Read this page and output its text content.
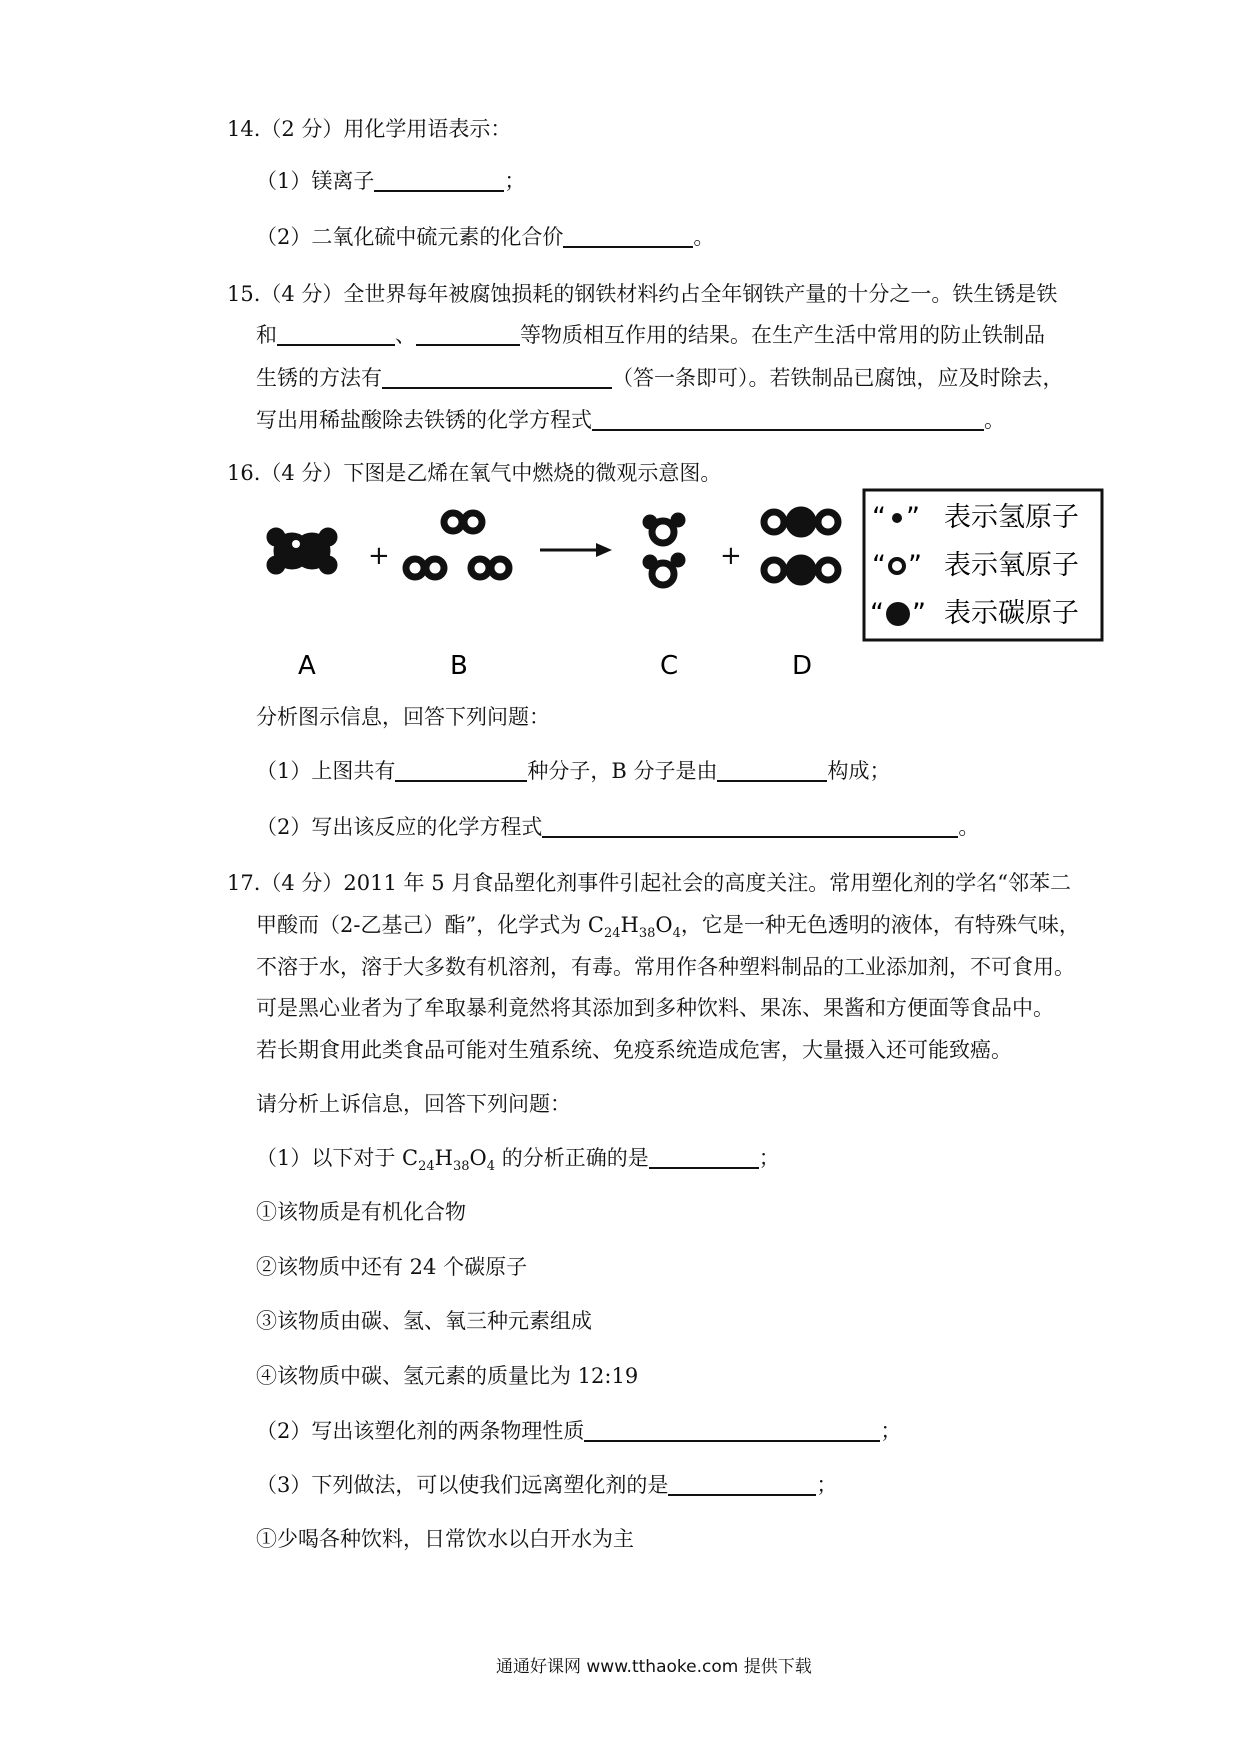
14.（2 分）用化学用语表示：
（1）镁离子	；
（2）二氧化硫中硫元素的化合价	。
15.（4 分）全世界每年被腐蚀损耗的钢铁材料约占全年钢铁产量的十分之一。铁生锈是铁
和	、	等物质相互作用的结果。在生产生活中常用的防止铁制品
生锈的方法有	（答一条即可）。若铁制品已腐蚀，应及时除去，
写出用稀盐酸除去铁锈的化学方程式	。
16.（4 分）下图是乙烯在氧气中燃烧的微观示意图。
+	+
“ ” 表示氢原子
“ ” 表示氧原子
“ ” 表示碳原子
A	B	C	D
分析图示信息，回答下列问题：
（1）上图共有	种分子，B 分子是由	构成；
（2）写出该反应的化学方程式	。
17.（4 分）2011 年 5 月食品塑化剂事件引起社会的高度关注。常用塑化剂的学名“邻苯二
甲酸而（2-乙基己）酯”，化学式为 $C_{24}H_{38}O_4$，它是一种无色透明的液体，有特殊气味，
不溶于水，溶于大多数有机溶剂，有毒。常用作各种塑料制品的工业添加剂，不可食用。
可是黑心业者为了牟取暴利竟然将其添加到多种饮料、果冻、果酱和方便面等食品中。
若长期食用此类食品可能对生殖系统、免疫系统造成危害，大量摄入还可能致癌。
请分析上诉信息，回答下列问题：
（1）以下对于 $C_{24}H_{38}O_4$ 的分析正确的是	；
①该物质是有机化合物
②该物质中还有 24 个碳原子
③该物质由碳、氢、氧三种元素组成
④该物质中碳、氢元素的质量比为 12:19
（2）写出该塑化剂的两条物理性质	；
（3）下列做法，可以使我们远离塑化剂的是	；
①少喝各种饮料，日常饮水以白开水为主
通通好课网 www.tthaoke.com 提供下载
